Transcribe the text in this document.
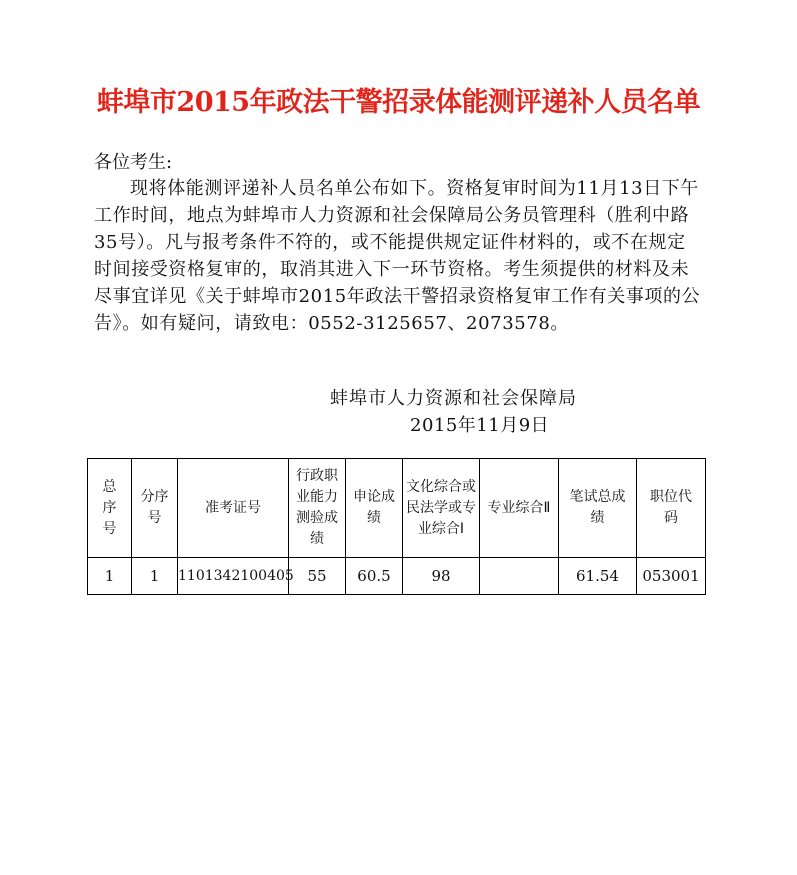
蚌埠市2015年政法干警招录体能测评递补人员名单
各位考生:
现将体能测评递补人员名单公布如下。资格复审时间为11月13日下午工作时间，地点为蚌埠市人力资源和社会保障局公务员管理科（胜利中路35号）。凡与报考条件不符的，或不能提供规定证件材料的，或不在规定时间接受资格复审的，取消其进入下一环节资格。考生须提供的材料及未尽事宜详见《关于蚌埠市2015年政法干警招录资格复审工作有关事项的公告》。如有疑问，请致电：0552-3125657、2073578。
蚌埠市人力资源和社会保障局
2015年11月9日
总序号	分序号	准考证号	行政职业能力测验成绩	申论成绩	文化综合或民法学或专业综合Ⅰ	专业综合Ⅱ	笔试总成绩	职位代码
1	1	1101342100405	55	60.5	98		61.54	053001
